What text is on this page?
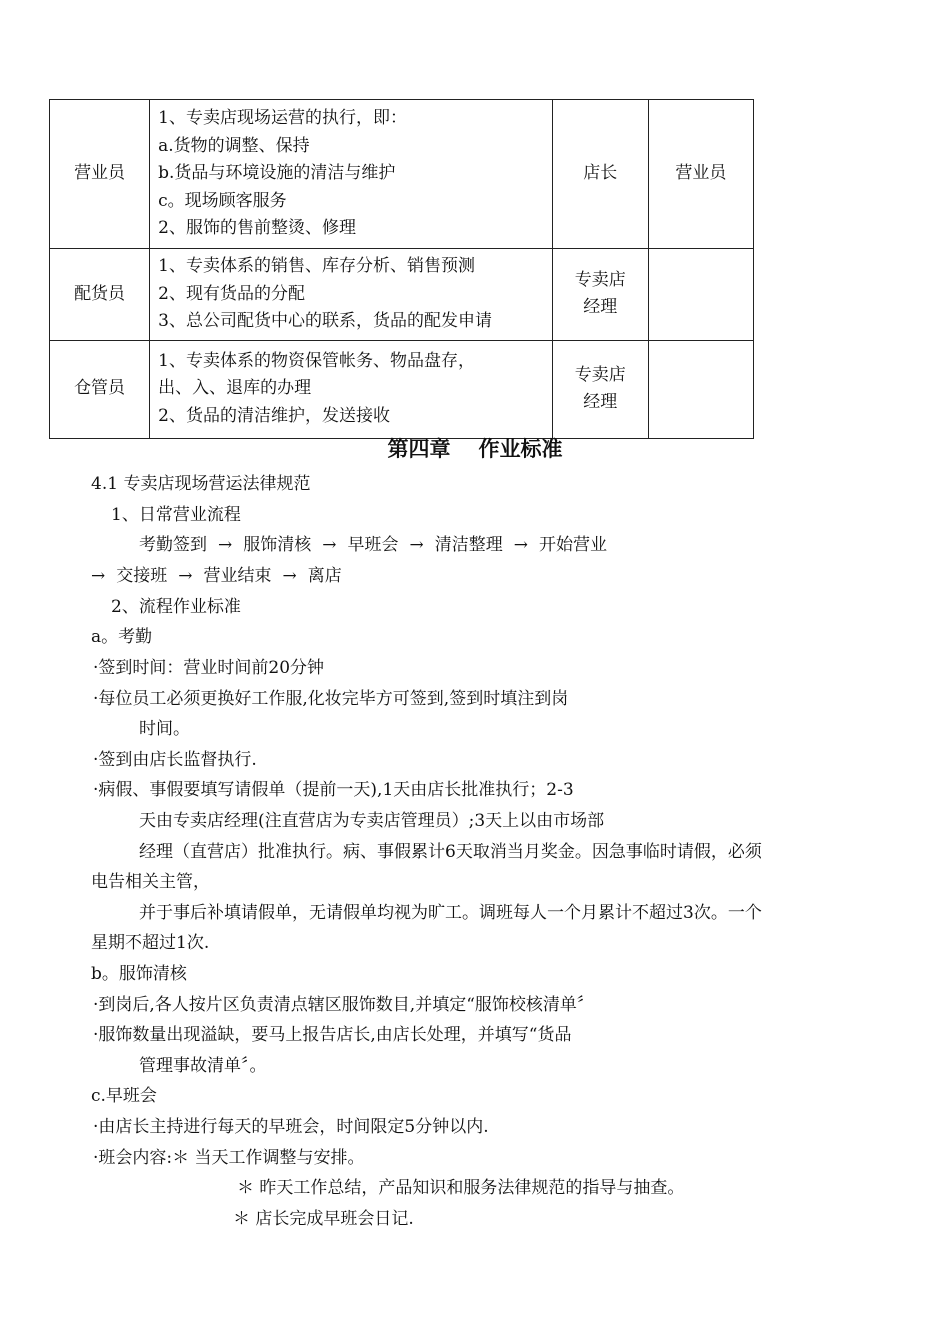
营业员	1、专卖店现场运营的执行，即：
a.货物的调整、保持
b.货品与环境设施的清洁与维护
c。现场顾客服务
2、服饰的售前整烫、修理	店长	营业员
配货员	1、专卖体系的销售、库存分析、销售预测
2、现有货品的分配
3、总公司配货中心的联系，货品的配发申请	专卖店
经理	

仓管员	1、专卖体系的物资保管帐务、物品盘存，
出、入、退库的办理
2、货品的清洁维护，发送接收	专卖店
经理	

第四章 作业标准
4.1 专卖店现场营运法律规范
1、日常营业流程
考勤签到 → 服饰清核 → 早班会 → 清洁整理 → 开始营业
→ 交接班 → 营业结束 → 离店
2、流程作业标准
a。考勤
·签到时间：营业时间前20分钟
·每位员工必须更换好工作服,化妆完毕方可签到,签到时填注到岗
时间。
·签到由店长监督执行.
·病假、事假要填写请假单（提前一天),1天由店长批准执行；2-3
天由专卖店经理(注直营店为专卖店管理员）;3天上以由市场部
经理（直营店）批准执行。病、事假累计6天取消当月奖金。因急事临时请假，必须
电告相关主管，
并于事后补填请假单，无请假单均视为旷工。调班每人一个月累计不超过3次。一个
星期不超过1次.
b。服饰清核
·到岗后,各人按片区负责清点辖区服饰数目,并填定“服饰校核清单〞
·服饰数量出现溢缺，要马上报告店长,由店长处理，并填写“货品
管理事故清单〞。
c.早班会
·由店长主持进行每天的早班会，时间限定5分钟以内.
·班会内容:＊ 当天工作调整与安排。
＊ 昨天工作总结，产品知识和服务法律规范的指导与抽查。
＊ 店长完成早班会日记.
